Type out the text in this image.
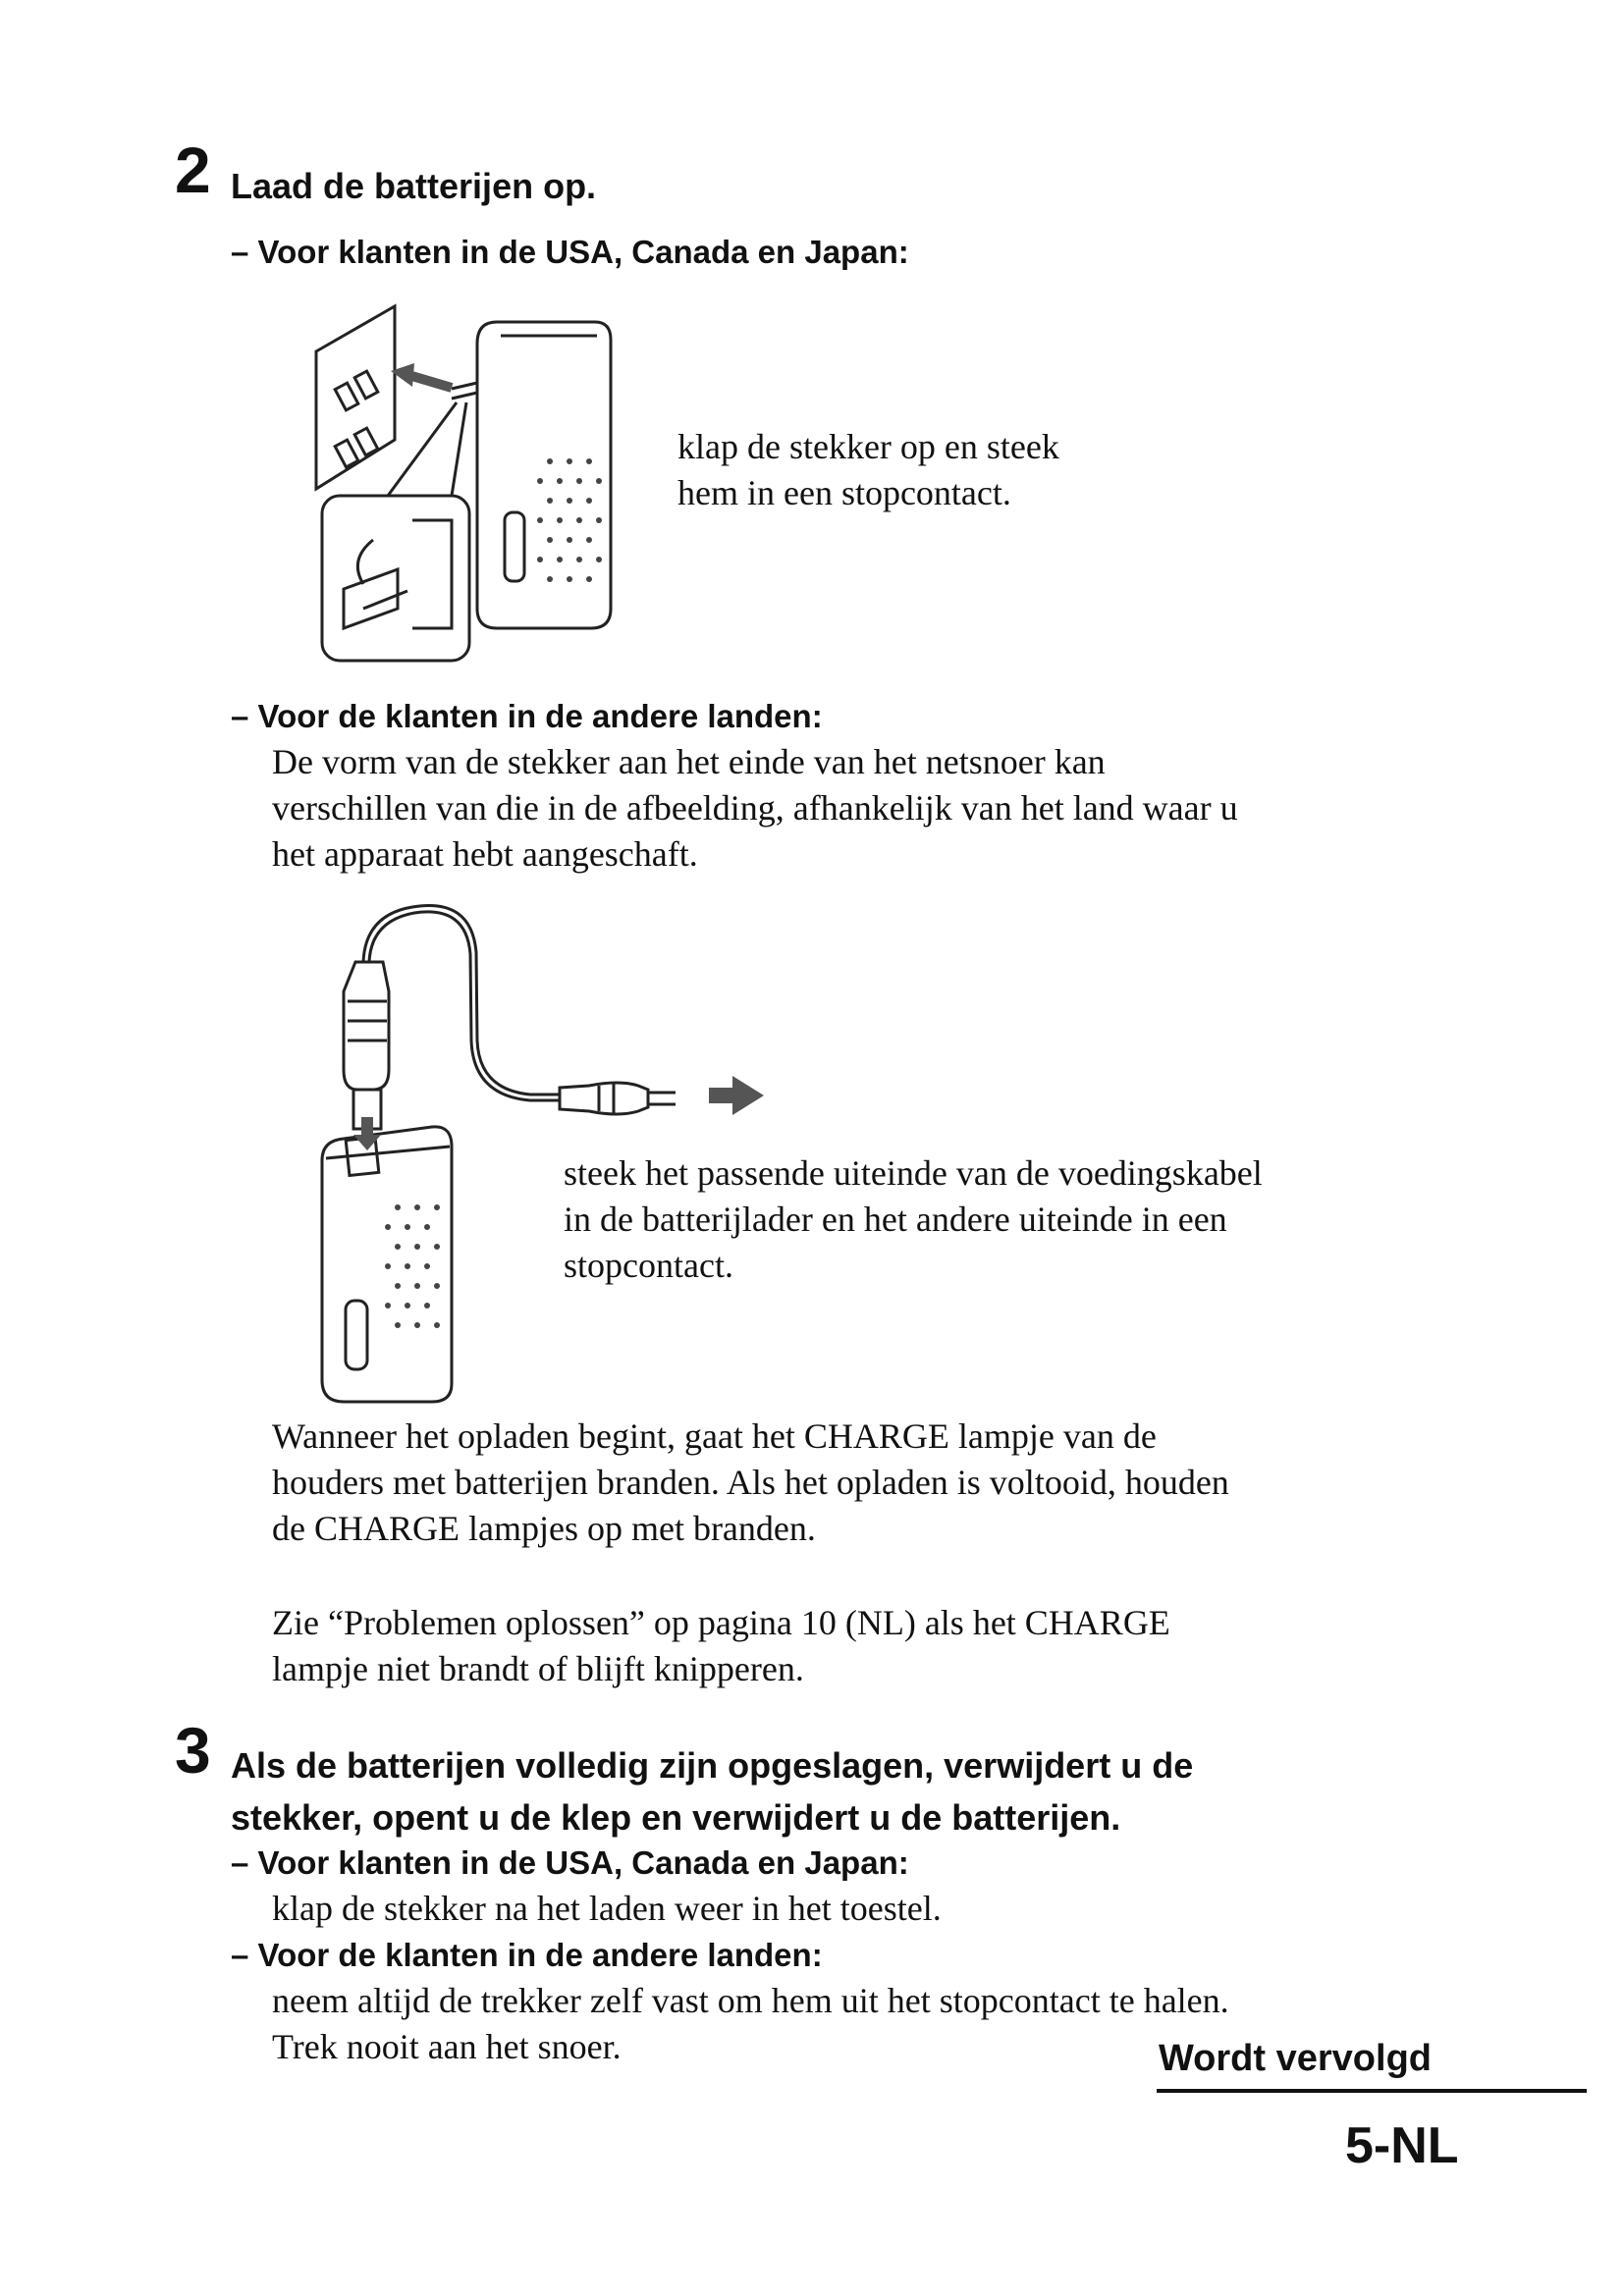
2 Laad de batterijen op.
– Voor klanten in de USA, Canada en Japan:
klap de stekker op en steek
hem in een stopcontact.
– Voor de klanten in de andere landen:
De vorm van de stekker aan het einde van het netsnoer kan
verschillen van die in de afbeelding, afhankelijk van het land waar u
het apparaat hebt aangeschaft.
steek het passende uiteinde van de voedingskabel
in de batterijlader en het andere uiteinde in een
stopcontact.
Wanneer het opladen begint, gaat het CHARGE lampje van de
houders met batterijen branden. Als het opladen is voltooid, houden
de CHARGE lampjes op met branden.
Zie “Problemen oplossen” op pagina 10 (NL) als het CHARGE
lampje niet brandt of blijft knipperen.
3 Als de batterijen volledig zijn opgeslagen, verwijdert u de
stekker, opent u de klep en verwijdert u de batterijen.
– Voor klanten in de USA, Canada en Japan:
klap de stekker na het laden weer in het toestel.
– Voor de klanten in de andere landen:
neem altijd de trekker zelf vast om hem uit het stopcontact te halen.
Trek nooit aan het snoer.	Wordt vervolgd
5-NL
